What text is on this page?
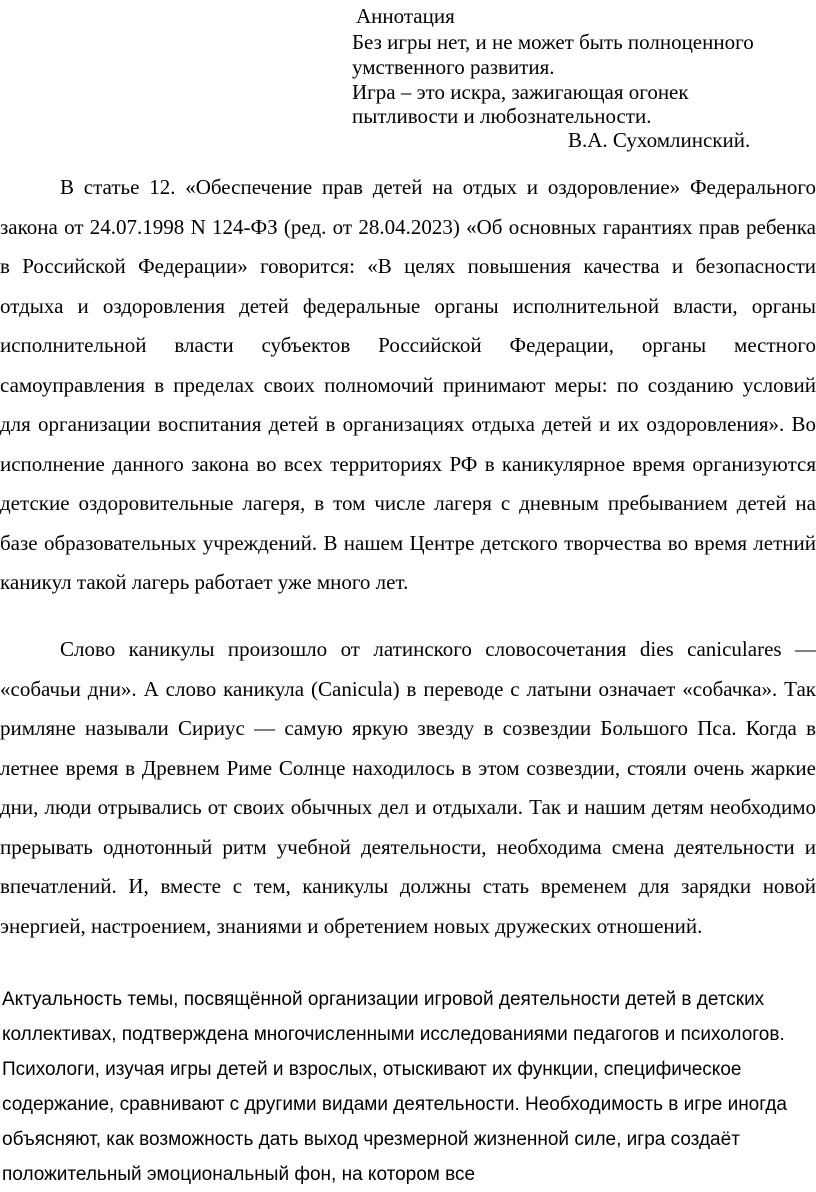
Аннотация
Без игры нет, и не может быть полноценного
умственного развития.
Игра – это искра, зажигающая огонек
пытливости и любознательности.
В.А. Сухомлинский.

В статье 12. «Обеспечение прав детей на отдых и оздоровление» Федерального закона от 24.07.1998 N 124-ФЗ (ред. от 28.04.2023) «Об основных гарантиях прав ребенка в Российской Федерации» говорится: «В целях повышения качества и безопасности отдыха и оздоровления детей федеральные органы исполнительной власти, органы исполнительной власти субъектов Российской Федерации, органы местного самоуправления в пределах своих полномочий принимают меры: по созданию условий для организации воспитания детей в организациях отдыха детей и их оздоровления». Во исполнение данного закона во всех территориях РФ в каникулярное время организуются детские оздоровительные лагеря, в том числе лагеря с дневным пребыванием детей на базе образовательных учреждений. В нашем Центре детского творчества во время летний каникул такой лагерь работает уже много лет.

Слово каникулы произошло от латинского словосочетания dies caniculares — «собачьи дни». А слово каникула (Canicula) в переводе с латыни означает «собачка». Так римляне называли Сириус — самую яркую звезду в созвездии Большого Пса. Когда в летнее время в Древнем Риме Солнце находилось в этом созвездии, стояли очень жаркие дни, люди отрывались от своих обычных дел и отдыхали. Так и нашим детям необходимо прерывать однотонный ритм учебной деятельности, необходима смена деятельности и впечатлений. И, вместе с тем, каникулы должны стать временем для зарядки новой энергией, настроением, знаниями и обретением новых дружеских отношений.

Актуальность темы, посвящённой организации игровой деятельности детей в детских коллективах, подтверждена многочисленными исследованиями педагогов и психологов. Психологи, изучая игры детей и взрослых, отыскивают их функции, специфическое содержание, сравнивают с другими видами деятельности. Необходимость в игре иногда объясняют, как возможность дать выход чрезмерной жизненной силе, игра создаёт положительный эмоциональный фон, на котором все
